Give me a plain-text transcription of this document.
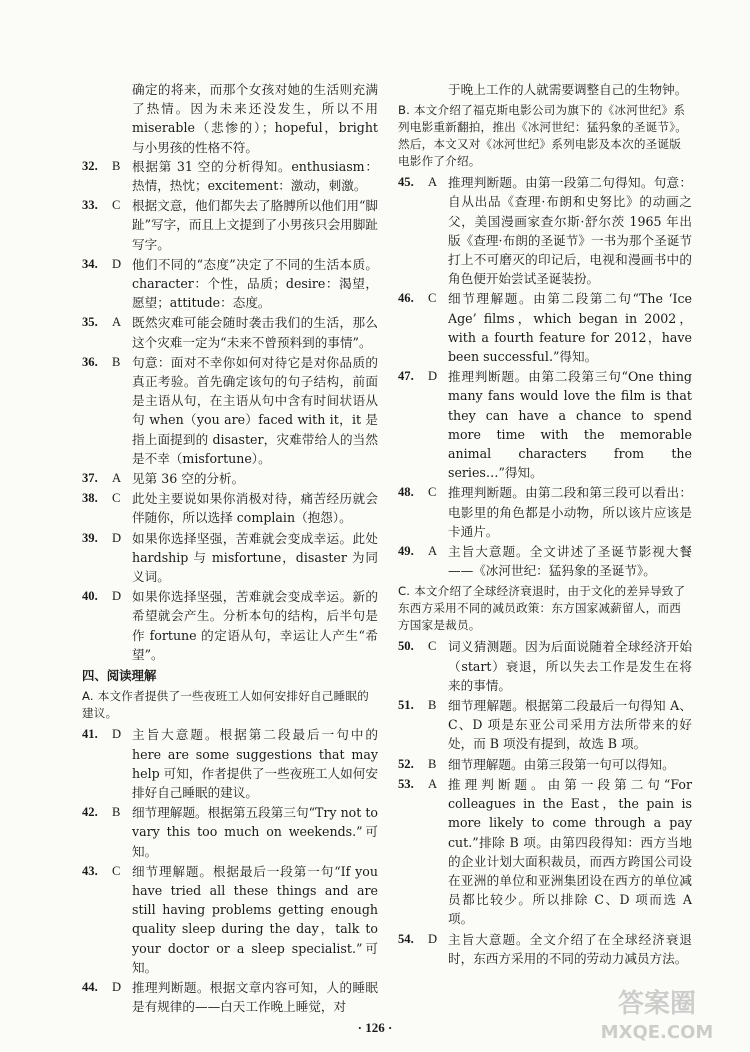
确定的将来，而那个女孩对她的生活则充满了热情。因为未来还没发生，所以不用 miserable（悲惨的）；hopeful，bright 与小男孩的性格不符。
32.	B 根据第 31 空的分析得知。enthusiasm：热情，热忱；excitement：激动，刺激。
33.	C 根据文意，他们都失去了胳膊所以他们用“脚趾”写字，而且上文提到了小男孩只会用脚趾写字。
34.	D 他们不同的“态度”决定了不同的生活本质。character：个性，品质；desire：渴望，愿望；attitude：态度。
35.	A 既然灾难可能会随时袭击我们的生活，那么这个灾难一定为“未来不曾预料到的事情”。
36.	B 句意：面对不幸你如何对待它是对你品质的真正考验。首先确定该句的句子结构，前面是主语从句，在主语从句中含有时间状语从句 when（you are）faced with it，it 是指上面提到的 disaster，灾难带给人的当然是不幸（misfortune）。
37.	A 见第 36 空的分析。
38.	C 此处主要说如果你消极对待，痛苦经历就会伴随你，所以选择 complain（抱怨）。
39.	D 如果你选择坚强，苦难就会变成幸运。此处 hardship 与 misfortune，disaster 为同义词。
40.	D 如果你选择坚强，苦难就会变成幸运。新的希望就会产生。分析本句的结构，后半句是作 fortune 的定语从句，幸运让人产生“希望”。
四、阅读理解
A. 本文作者提供了一些夜班工人如何安排好自己睡眠的建议。
41.	D 主旨大意题。根据第二段最后一句中的 here are some suggestions that may help 可知，作者提供了一些夜班工人如何安排好自己睡眠的建议。
42.	B 细节理解题。根据第五段第三句“Try not to vary this too much on weekends.”可知。
43.	C 细节理解题。根据最后一段第一句“If you have tried all these things and are still having problems getting enough quality sleep during the day，talk to your doctor or a sleep specialist.”可知。
44.	D 推理判断题。根据文章内容可知，人的睡眠是有规律的——白天工作晚上睡觉，对
于晚上工作的人就需要调整自己的生物钟。
B. 本文介绍了福克斯电影公司为旗下的《冰河世纪》系列电影重新翻拍，推出《冰河世纪：猛犸象的圣诞节》。然后，本文又对《冰河世纪》系列电影及本次的圣诞版电影作了介绍。
45.	A 推理判断题。由第一段第二句得知。句意：自从出品《查理·布朗和史努比》的动画之父，美国漫画家查尔斯·舒尔茨 1965 年出版《查理·布朗的圣诞节》一书为那个圣诞节打上不可磨灭的印记后，电视和漫画书中的角色便开始尝试圣诞装扮。
46.	C 细节理解题。由第二段第二句“The ‘Ice Age’ films，which began in 2002，with a fourth feature for 2012，have been successful.”得知。
47.	D 推理判断题。由第二段第三句“One thing many fans would love the film is that they can have a chance to spend more time with the memorable animal characters from the series…”得知。
48.	C 推理判断题。由第二段和第三段可以看出：电影里的角色都是小动物，所以该片应该是卡通片。
49.	A 主旨大意题。全文讲述了圣诞节影视大餐——《冰河世纪：猛犸象的圣诞节》。
C. 本文介绍了全球经济衰退时，由于文化的差异导致了东西方采用不同的减员政策：东方国家减薪留人，而西方国家是裁员。
50.	C 词义猜测题。因为后面说随着全球经济开始（start）衰退，所以失去工作是发生在将来的事情。
51.	B 细节理解题。根据第二段最后一句得知 A、C、D 项是东亚公司采用方法所带来的好处，而 B 项没有提到，故选 B 项。
52.	B 细节理解题。由第三段第一句可以得知。
53.	A 推理判断题。由第一段第二句“For colleagues in the East，the pain is more likely to come through a pay cut.”排除 B 项。由第四段得知：西方当地的企业计划大面积裁员，而西方跨国公司设在亚洲的单位和亚洲集团设在西方的单位减员都比较少。所以排除 C、D 项而选 A 项。
54.	D 主旨大意题。全文介绍了在全球经济衰退时，东西方采用的不同的劳动力减员方法。
· 126 ·
答案圈
MXQE.COM
